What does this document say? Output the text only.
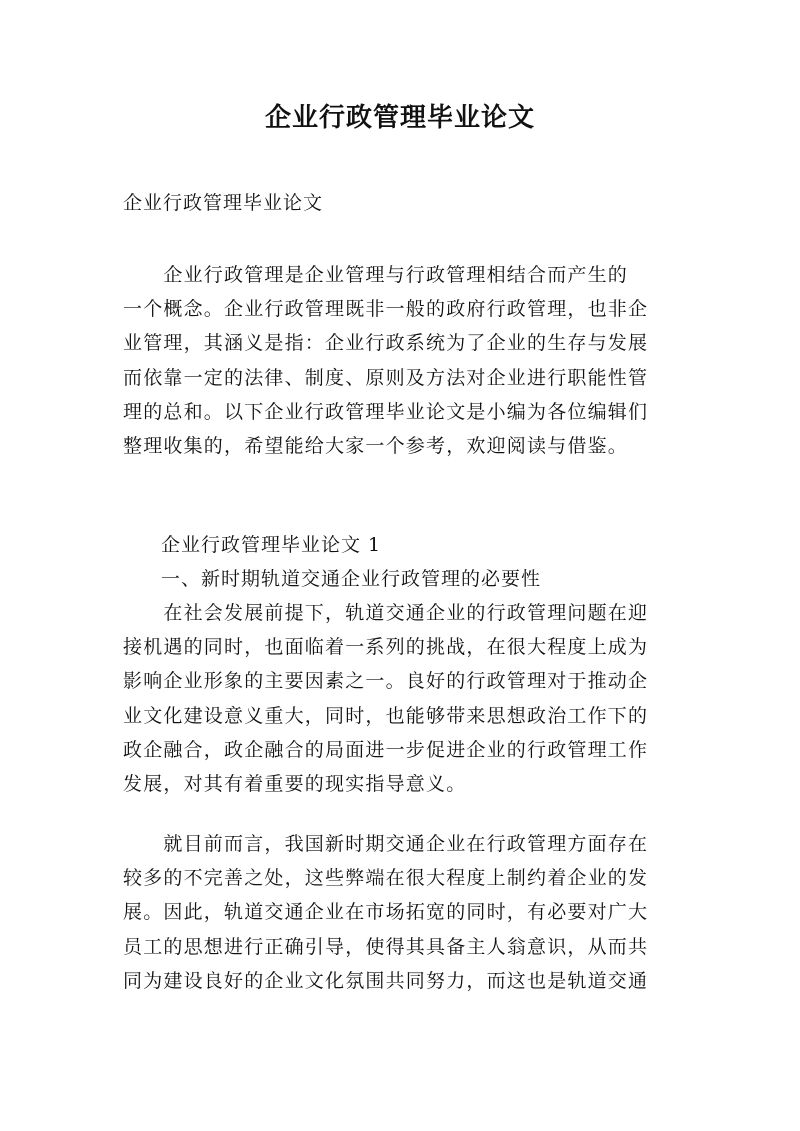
企业行政管理毕业论文

企业行政管理毕业论文

　　企业行政管理是企业管理与行政管理相结合而产生的
一个概念。企业行政管理既非一般的政府行政管理，也非企
业管理，其涵义是指：企业行政系统为了企业的生存与发展
而依靠一定的法律、制度、原则及方法对企业进行职能性管
理的总和。以下企业行政管理毕业论文是小编为各位编辑们
整理收集的，希望能给大家一个参考，欢迎阅读与借鉴。

企业行政管理毕业论文 1

一、新时期轨道交通企业行政管理的必要性

　　在社会发展前提下，轨道交通企业的行政管理问题在迎
接机遇的同时，也面临着一系列的挑战，在很大程度上成为
影响企业形象的主要因素之一。良好的行政管理对于推动企
业文化建设意义重大，同时，也能够带来思想政治工作下的
政企融合，政企融合的局面进一步促进企业的行政管理工作
发展，对其有着重要的现实指导意义。
　　就目前而言，我国新时期交通企业在行政管理方面存在
较多的不完善之处，这些弊端在很大程度上制约着企业的发
展。因此，轨道交通企业在市场拓宽的同时，有必要对广大
员工的思想进行正确引导，使得其具备主人翁意识，从而共
同为建设良好的企业文化氛围共同努力，而这也是轨道交通
